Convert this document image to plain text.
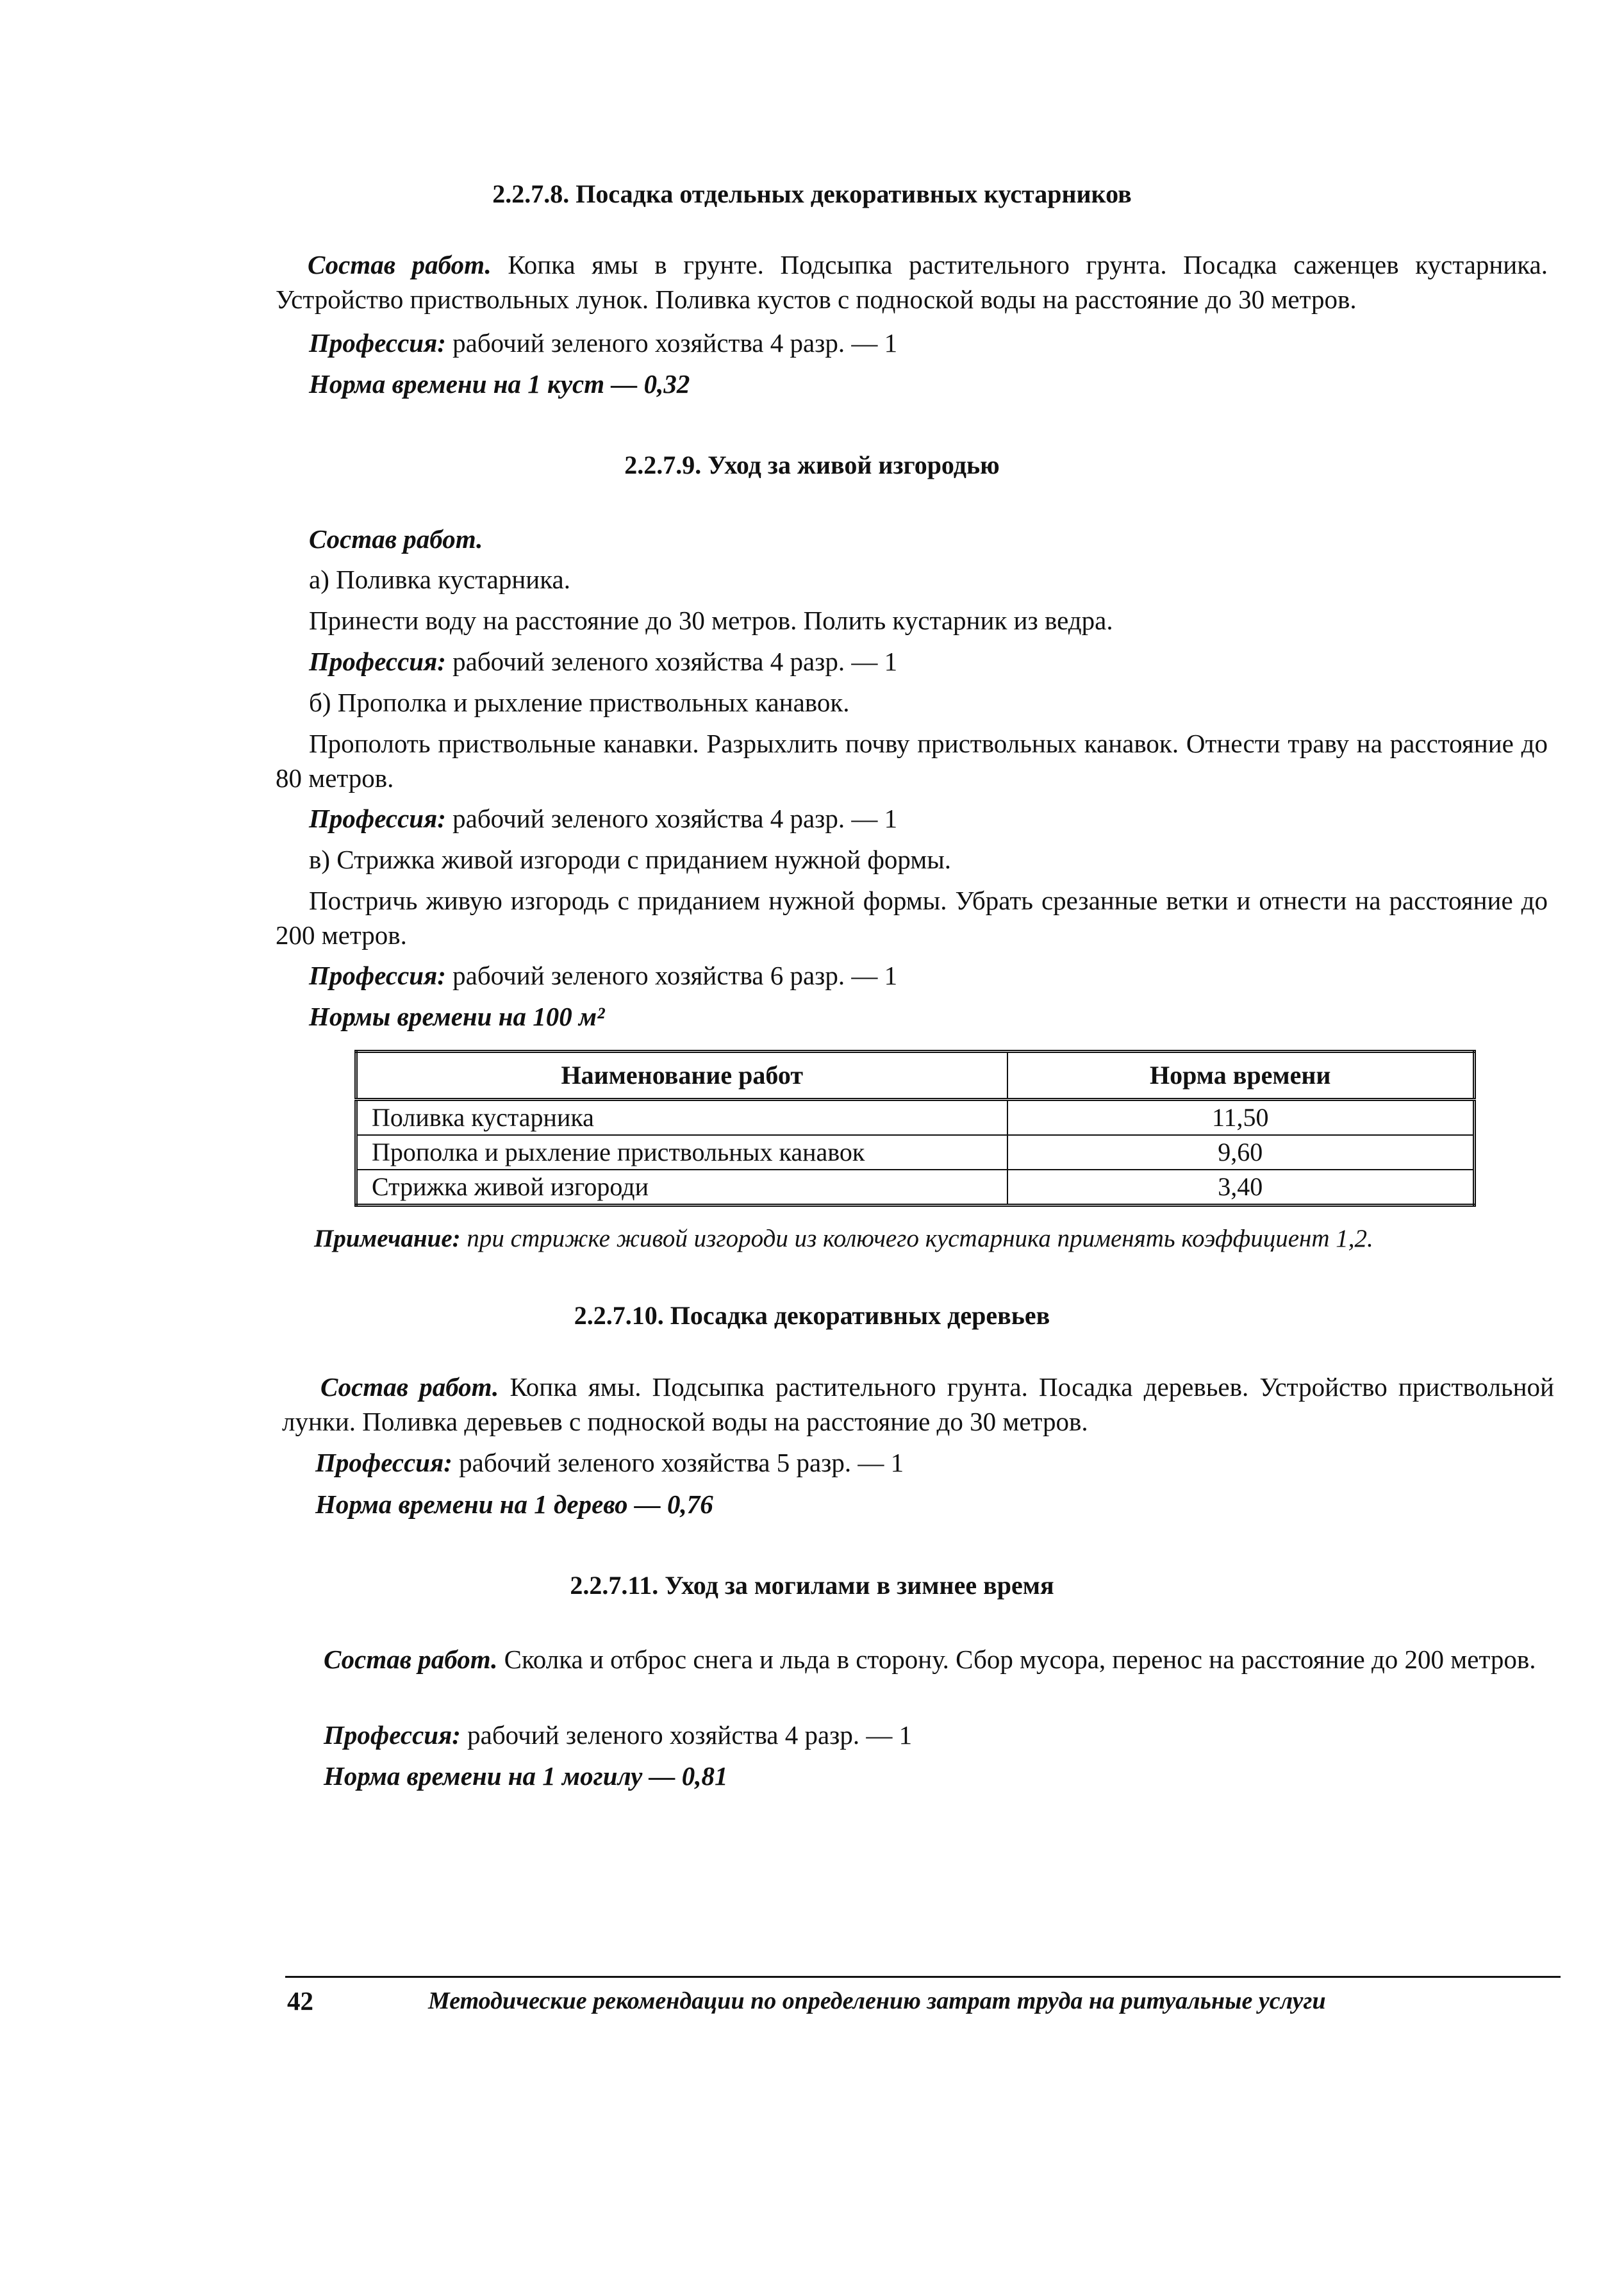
2.2.7.8. Посадка отдельных декоративных кустарников

Состав работ. Копка ямы в грунте. Подсыпка растительного грунта. Посадка саженцев кустарника. Устройство приствольных лунок. Поливка кустов с подноской воды на расстояние до 30 метров.

Профессия: рабочий зеленого хозяйства 4 разр. — 1

Норма времени на 1 куст — 0,32

2.2.7.9. Уход за живой изгородью

Состав работ.

а) Поливка кустарника.

Принести воду на расстояние до 30 метров. Полить кустарник из ведра.

Профессия: рабочий зеленого хозяйства 4 разр. — 1

б) Прополка и рыхление приствольных канавок.

Прополоть приствольные канавки. Разрыхлить почву приствольных канавок. Отнести траву на расстояние до 80 метров.

Профессия: рабочий зеленого хозяйства 4 разр. — 1

в) Стрижка живой изгороди с приданием нужной формы.

Постричь живую изгородь с приданием нужной формы. Убрать срезанные ветки и отнести на расстояние до 200 метров.

Профессия: рабочий зеленого хозяйства 6 разр. — 1

Нормы времени на 100 м²

Наименование работ	Норма времени
Поливка кустарника	11,50
Прополка и рыхление приствольных канавок	9,60
Стрижка живой изгороди	3,40

Примечание: при стрижке живой изгороди из колючего кустарника применять коэффициент 1,2.

2.2.7.10. Посадка декоративных деревьев

Состав работ. Копка ямы. Подсыпка растительного грунта. Посадка деревьев. Устройство приствольной лунки. Поливка деревьев с подноской воды на расстояние до 30 метров.

Профессия: рабочий зеленого хозяйства 5 разр. — 1

Норма времени на 1 дерево — 0,76

2.2.7.11. Уход за могилами в зимнее время

Состав работ. Сколка и отброс снега и льда в сторону. Сбор мусора, перенос на расстояние до 200 метров.

Профессия: рабочий зеленого хозяйства 4 разр. — 1

Норма времени на 1 могилу — 0,81

42	Методические рекомендации по определению затрат труда на ритуальные услуги
